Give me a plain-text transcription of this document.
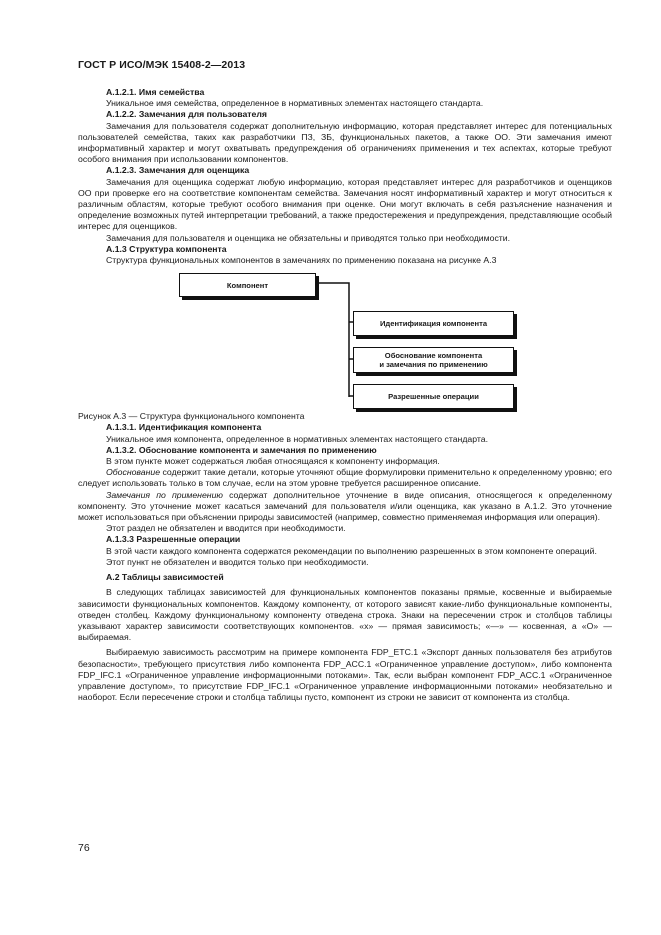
ГОСТ Р ИСО/МЭК 15408-2—2013

А.1.2.1. Имя семейства

Уникальное имя семейства, определенное в нормативных элементах настоящего стандарта.

А.1.2.2. Замечания для пользователя

Замечания для пользователя содержат дополнительную информацию, которая представляет интерес для потенциальных пользователей семейства, таких как разработчики ПЗ, ЗБ, функциональных пакетов, а также ОО. Эти замечания имеют информативный характер и могут охватывать предупреждения об ограничениях применения и тех аспектах, которые требуют особого внимания при использовании компонентов.

А.1.2.3. Замечания для оценщика

Замечания для оценщика содержат любую информацию, которая представляет интерес для разработчиков и оценщиков ОО при проверке его на соответствие компонентам семейства. Замечания носят информативный характер и могут относиться к различным областям, которые требуют особого внимания при оценке. Они могут включать в себя разъяснение назначения и определение возможных путей интерпретации требований, а также предостережения и предупреждения, представляющие особый интерес для оценщиков.

Замечания для пользователя и оценщика не обязательны и приводятся только при необходимости.

А.1.3 Структура компонента

Структура функциональных компонентов в замечаниях по применению показана на рисунке А.3

Компонент
Идентификация компонента
Обоснование компонента
и замечания по применению
Разрешенные операции

Рисунок А.3 — Структура функционального компонента

А.1.3.1. Идентификация компонента

Уникальное имя компонента, определенное в нормативных элементах настоящего стандарта.

А.1.3.2. Обоснование компонента и замечания по применению

В этом пункте может содержаться любая относящаяся к компоненту информация.

Обоснование содержит такие детали, которые уточняют общие формулировки применительно к определенному уровню; его следует использовать только в том случае, если на этом уровне требуется расширенное описание.

Замечания по применению содержат дополнительное уточнение в виде описания, относящегося к определенному компоненту. Это уточнение может касаться замечаний для пользователя и/или оценщика, как указано в А.1.2. Это уточнение может использоваться при объяснении природы зависимостей (например, совместно применяемая информация или операция).

Этот раздел не обязателен и вводится при необходимости.

А.1.3.3 Разрешенные операции

В этой части каждого компонента содержатся рекомендации по выполнению разрешенных в этом компоненте операций.

Этот пункт не обязателен и вводится только при необходимости.

А.2 Таблицы зависимостей

В следующих таблицах зависимостей для функциональных компонентов показаны прямые, косвенные и выбираемые зависимости функциональных компонентов. Каждому компоненту, от которого зависят какие-либо функциональные компоненты, отведен столбец. Каждому функциональному компоненту отведена строка. Знаки на пересечении строк и столбцов таблицы указывают характер зависимости соответствующих компонентов. «x» — прямая зависимость; «—» — косвенная, а «O» — выбираемая.

Выбираемую зависимость рассмотрим на примере компонента FDP_ETC.1 «Экспорт данных пользователя без атрибутов безопасности», требующего присутствия либо компонента FDP_ACC.1 «Ограниченное управление доступом», либо компонента FDP_IFC.1 «Ограниченное управление информационными потоками». Так, если выбран компонент FDP_ACC.1 «Ограниченное управление доступом», то присутствие FDP_IFC.1 «Ограниченное управление информационными потоками» необязательно и наоборот. Если пересечение строки и столбца таблицы пусто, компонент из строки не зависит от компонента из столбца.

76
